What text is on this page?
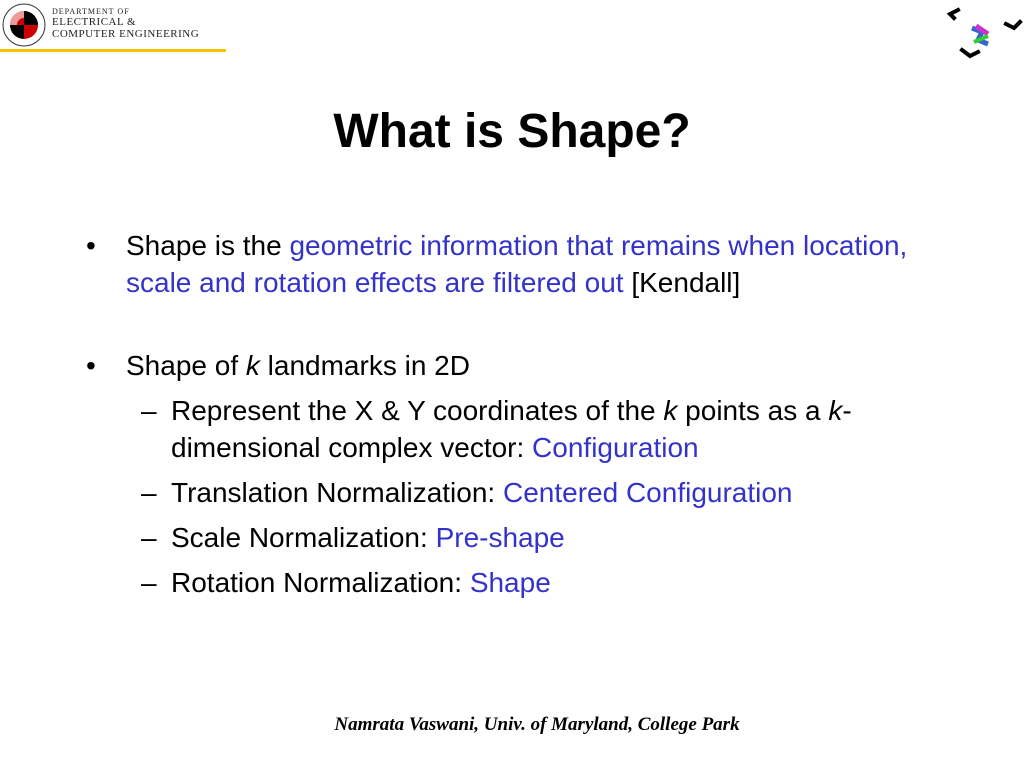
DEPARTMENT OF
ELECTRICAL &
COMPUTER ENGINEERING
What is Shape?

• Shape is the geometric information that remains when location, scale and rotation effects are filtered out [Kendall]

• Shape of k landmarks in 2D
– Represent the X & Y coordinates of the k points as a k-dimensional complex vector: Configuration
– Translation Normalization: Centered Configuration
– Scale Normalization: Pre-shape
– Rotation Normalization: Shape
Namrata Vaswani, Univ. of Maryland, College Park
